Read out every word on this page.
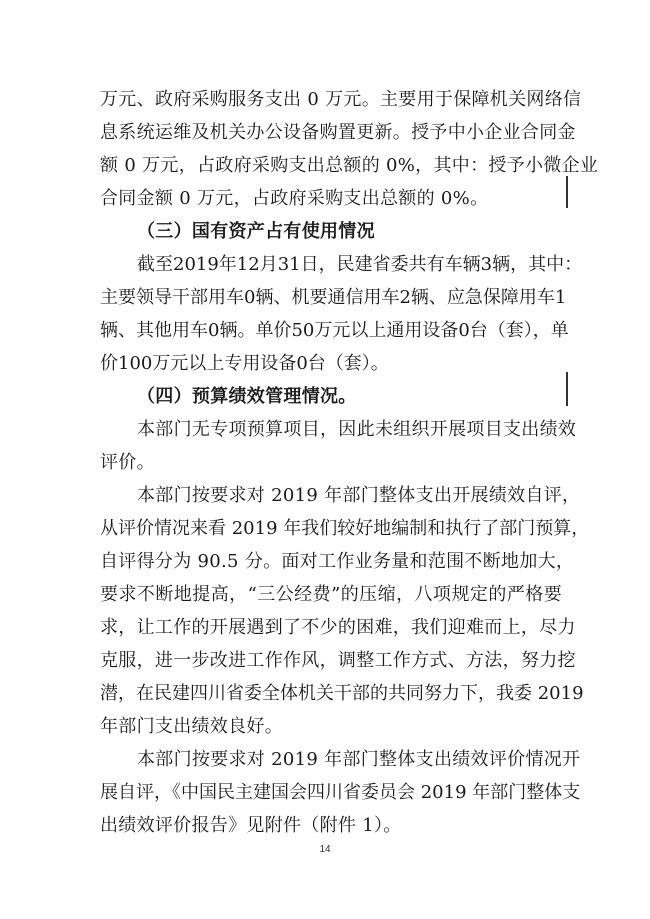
万元、政府采购服务支出 0 万元。主要用于保障机关网络信
息系统运维及机关办公设备购置更新。授予中小企业合同金
额 0 万元，占政府采购支出总额的 0%，其中：授予小微企业
合同金额 0 万元，占政府采购支出总额的 0%。
（三）国有资产占有使用情况
截至2019年12月31日，民建省委共有车辆3辆，其中：
主要领导干部用车0辆、机要通信用车2辆、应急保障用车1
辆、其他用车0辆。单价50万元以上通用设备0台（套），单
价100万元以上专用设备0台（套）。
（四）预算绩效管理情况。
本部门无专项预算项目，因此未组织开展项目支出绩效
评价。
本部门按要求对 2019 年部门整体支出开展绩效自评，
从评价情况来看 2019 年我们较好地编制和执行了部门预算，
自评得分为 90.5 分。面对工作业务量和范围不断地加大，
要求不断地提高，“三公经费”的压缩，八项规定的严格要
求，让工作的开展遇到了不少的困难，我们迎难而上，尽力
克服，进一步改进工作作风，调整工作方式、方法，努力挖
潜，在民建四川省委全体机关干部的共同努力下，我委 2019
年部门支出绩效良好。
本部门按要求对 2019 年部门整体支出绩效评价情况开
展自评，《中国民主建国会四川省委员会 2019 年部门整体支
出绩效评价报告》见附件（附件 1）。
14
